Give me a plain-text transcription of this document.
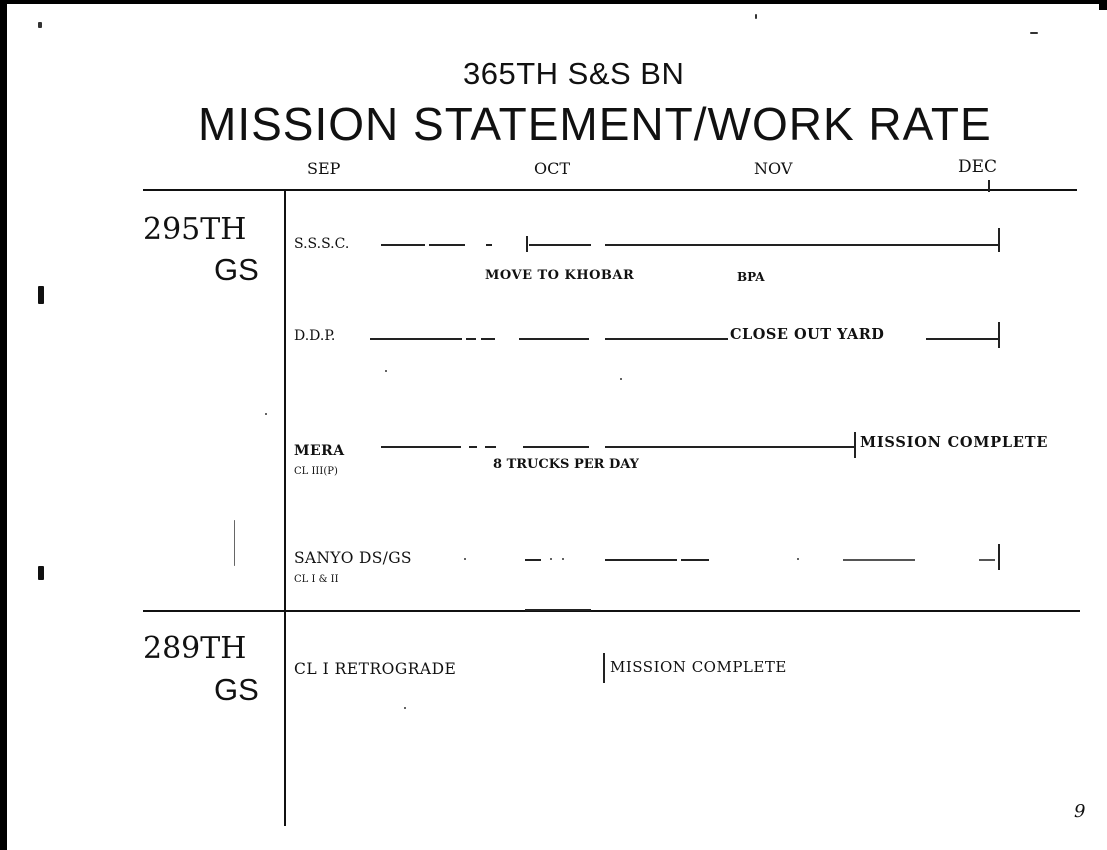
365TH S&S BN
MISSION STATEMENT/WORK RATE
SEP	OCT	NOV	DEC
295TH
GS
S.S.S.C.
MOVE TO KHOBAR	BPA
D.D.P.	CLOSE OUT YARD
MERA
CL III(P)
MISSION COMPLETE
8 TRUCKS PER DAY
SANYO DS/GS
CL I & II
289TH
GS
CL I RETROGRADE	MISSION COMPLETE
9
